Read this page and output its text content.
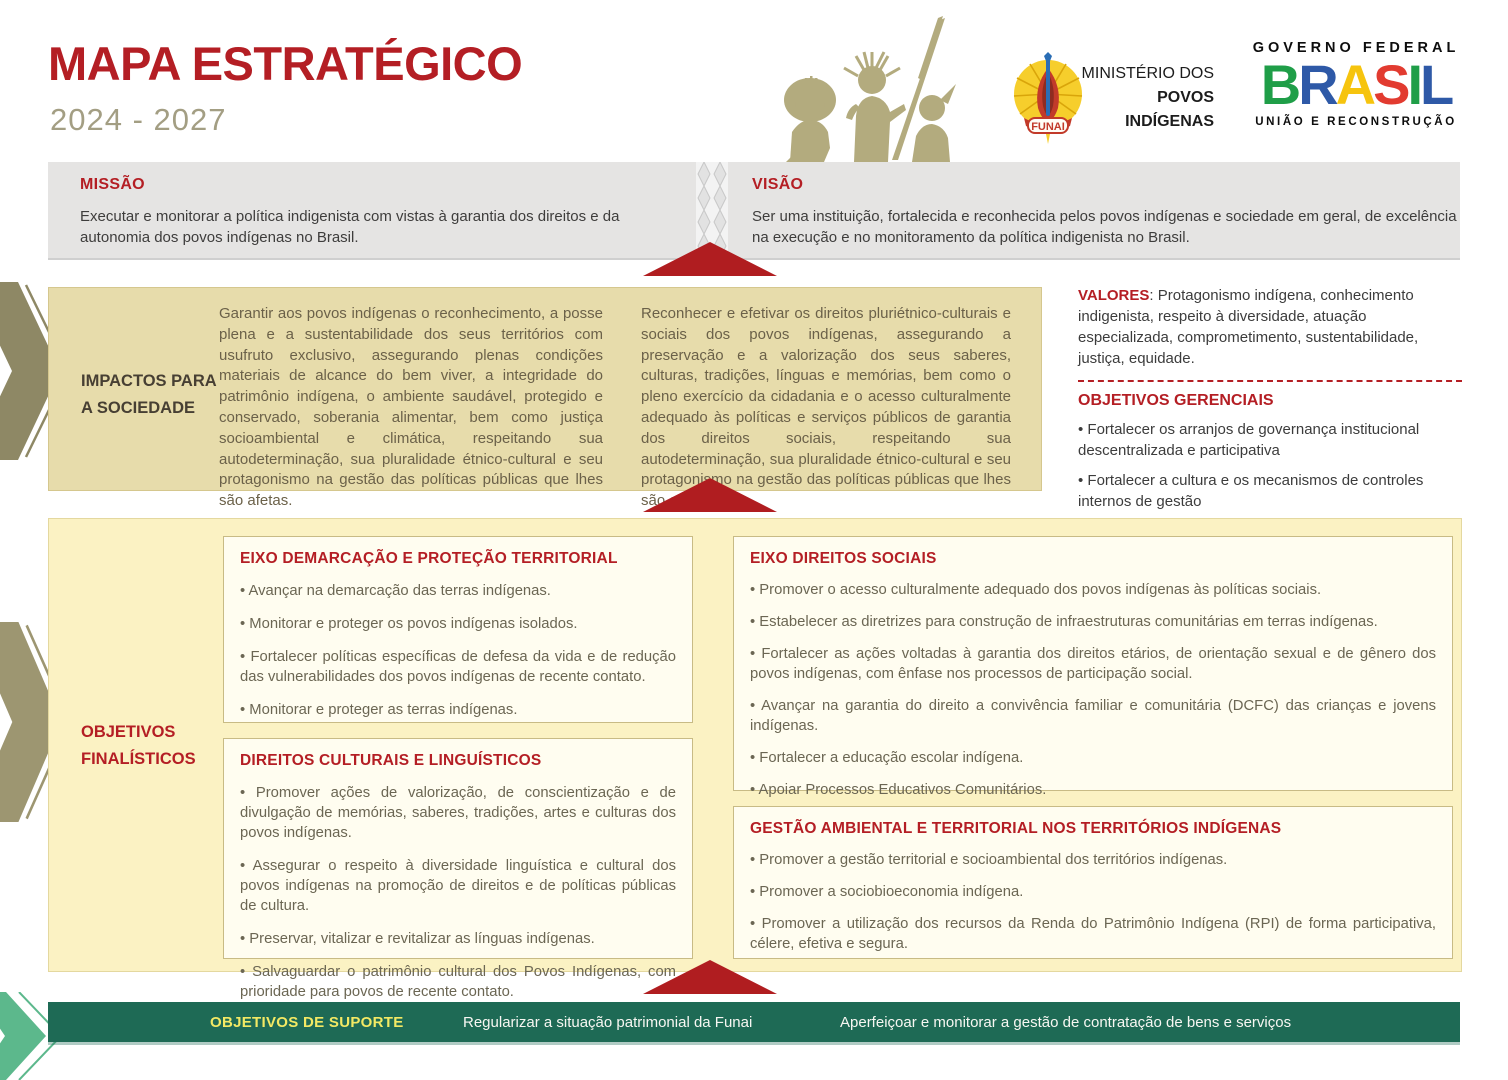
MAPA ESTRATÉGICO
2024 - 2027	FUNAI
MINISTÉRIO DOS
POVOS
INDÍGENAS
GOVERNO FEDERAL
BRASIL
UNIÃO E RECONSTRUÇÃO
MISSÃO
Executar e monitorar a política indigenista com vistas à garantia dos direitos e da autonomia dos povos indígenas no Brasil.
VISÃO
Ser uma instituição, fortalecida e reconhecida pelos povos indígenas e sociedade em geral, de excelência na execução e no monitoramento da política indigenista no Brasil.
IMPACTOS PARA
A SOCIEDADE
Garantir aos povos indígenas o reconhecimento, a posse plena e a sustentabilidade dos seus territórios com usufruto exclusivo, assegurando plenas condições materiais de alcance do bem viver, a integridade do patrimônio indígena, o ambiente saudável, protegido e conservado, soberania alimentar, bem como justiça socioambiental e climática, respeitando sua autodeterminação, sua pluralidade étnico-cultural e seu protagonismo na gestão das políticas públicas que lhes são afetas.
Reconhecer e efetivar os direitos pluriétnico-culturais e sociais dos povos indígenas, assegurando a preservação e a valorização dos seus saberes, culturas, tradições, línguas e memórias, bem como o pleno exercício da cidadania e o acesso culturalmente adequado às políticas e serviços públicos de garantia dos direitos sociais, respeitando sua autodeterminação, sua pluralidade étnico-cultural e seu protagonismo na gestão das políticas públicas que lhes são afetas.

VALORES: Protagonismo indígena, conhecimento indigenista, respeito à diversidade, atuação especializada, comprometimento, sustentabilidade, justiça, equidade.

OBJETIVOS GERENCIAIS

• Fortalecer os arranjos de governança institucional descentralizada e participativa

• Fortalecer a cultura e os mecanismos de controles internos de gestão

•

OBJETIVOS
FINALÍSTICOS
EIXO DEMARCAÇÃO E PROTEÇÃO TERRITORIAL

• Avançar na demarcação das terras indígenas.

• Monitorar e proteger os povos indígenas isolados.

• Fortalecer políticas específicas de defesa da vida e de redução das vulnerabilidades dos povos indígenas de recente contato.

• Monitorar e proteger as terras indígenas.

DIREITOS CULTURAIS E LINGUÍSTICOS

• Promover ações de valorização, de conscientização e de divulgação de memórias, saberes, tradições, artes e culturas dos povos indígenas.

• Assegurar o respeito à diversidade linguística e cultural dos povos indígenas na promoção de direitos e de políticas públicas de cultura.

• Preservar, vitalizar e revitalizar as línguas indígenas.

• Salvaguardar o patrimônio cultural dos Povos Indígenas, com prioridade para povos de recente contato.

EIXO DIREITOS SOCIAIS

• Promover o acesso culturalmente adequado dos povos indígenas às políticas sociais.

• Estabelecer as diretrizes para construção de infraestruturas comunitárias em terras indígenas.

• Fortalecer as ações voltadas à garantia dos direitos etários, de orientação sexual e de gênero dos povos indígenas, com ênfase nos processos de participação social.

• Avançar na garantia do direito a convivência familiar e comunitária (DCFC) das crianças e jovens indígenas.

• Fortalecer a educação escolar indígena.

• Apoiar Processos Educativos Comunitários.

GESTÃO AMBIENTAL E TERRITORIAL NOS TERRITÓRIOS INDÍGENAS

• Promover a gestão territorial e socioambiental dos territórios indígenas.

• Promover a sociobioeconomia indígena.

• Promover a utilização dos recursos da Renda do Patrimônio Indígena (RPI) de forma participativa, célere, efetiva e segura.

OBJETIVOS DE SUPORTE	Regularizar a situação patrimonial da Funai	Aperfeiçoar e monitorar a gestão de contratação de bens e serviços
